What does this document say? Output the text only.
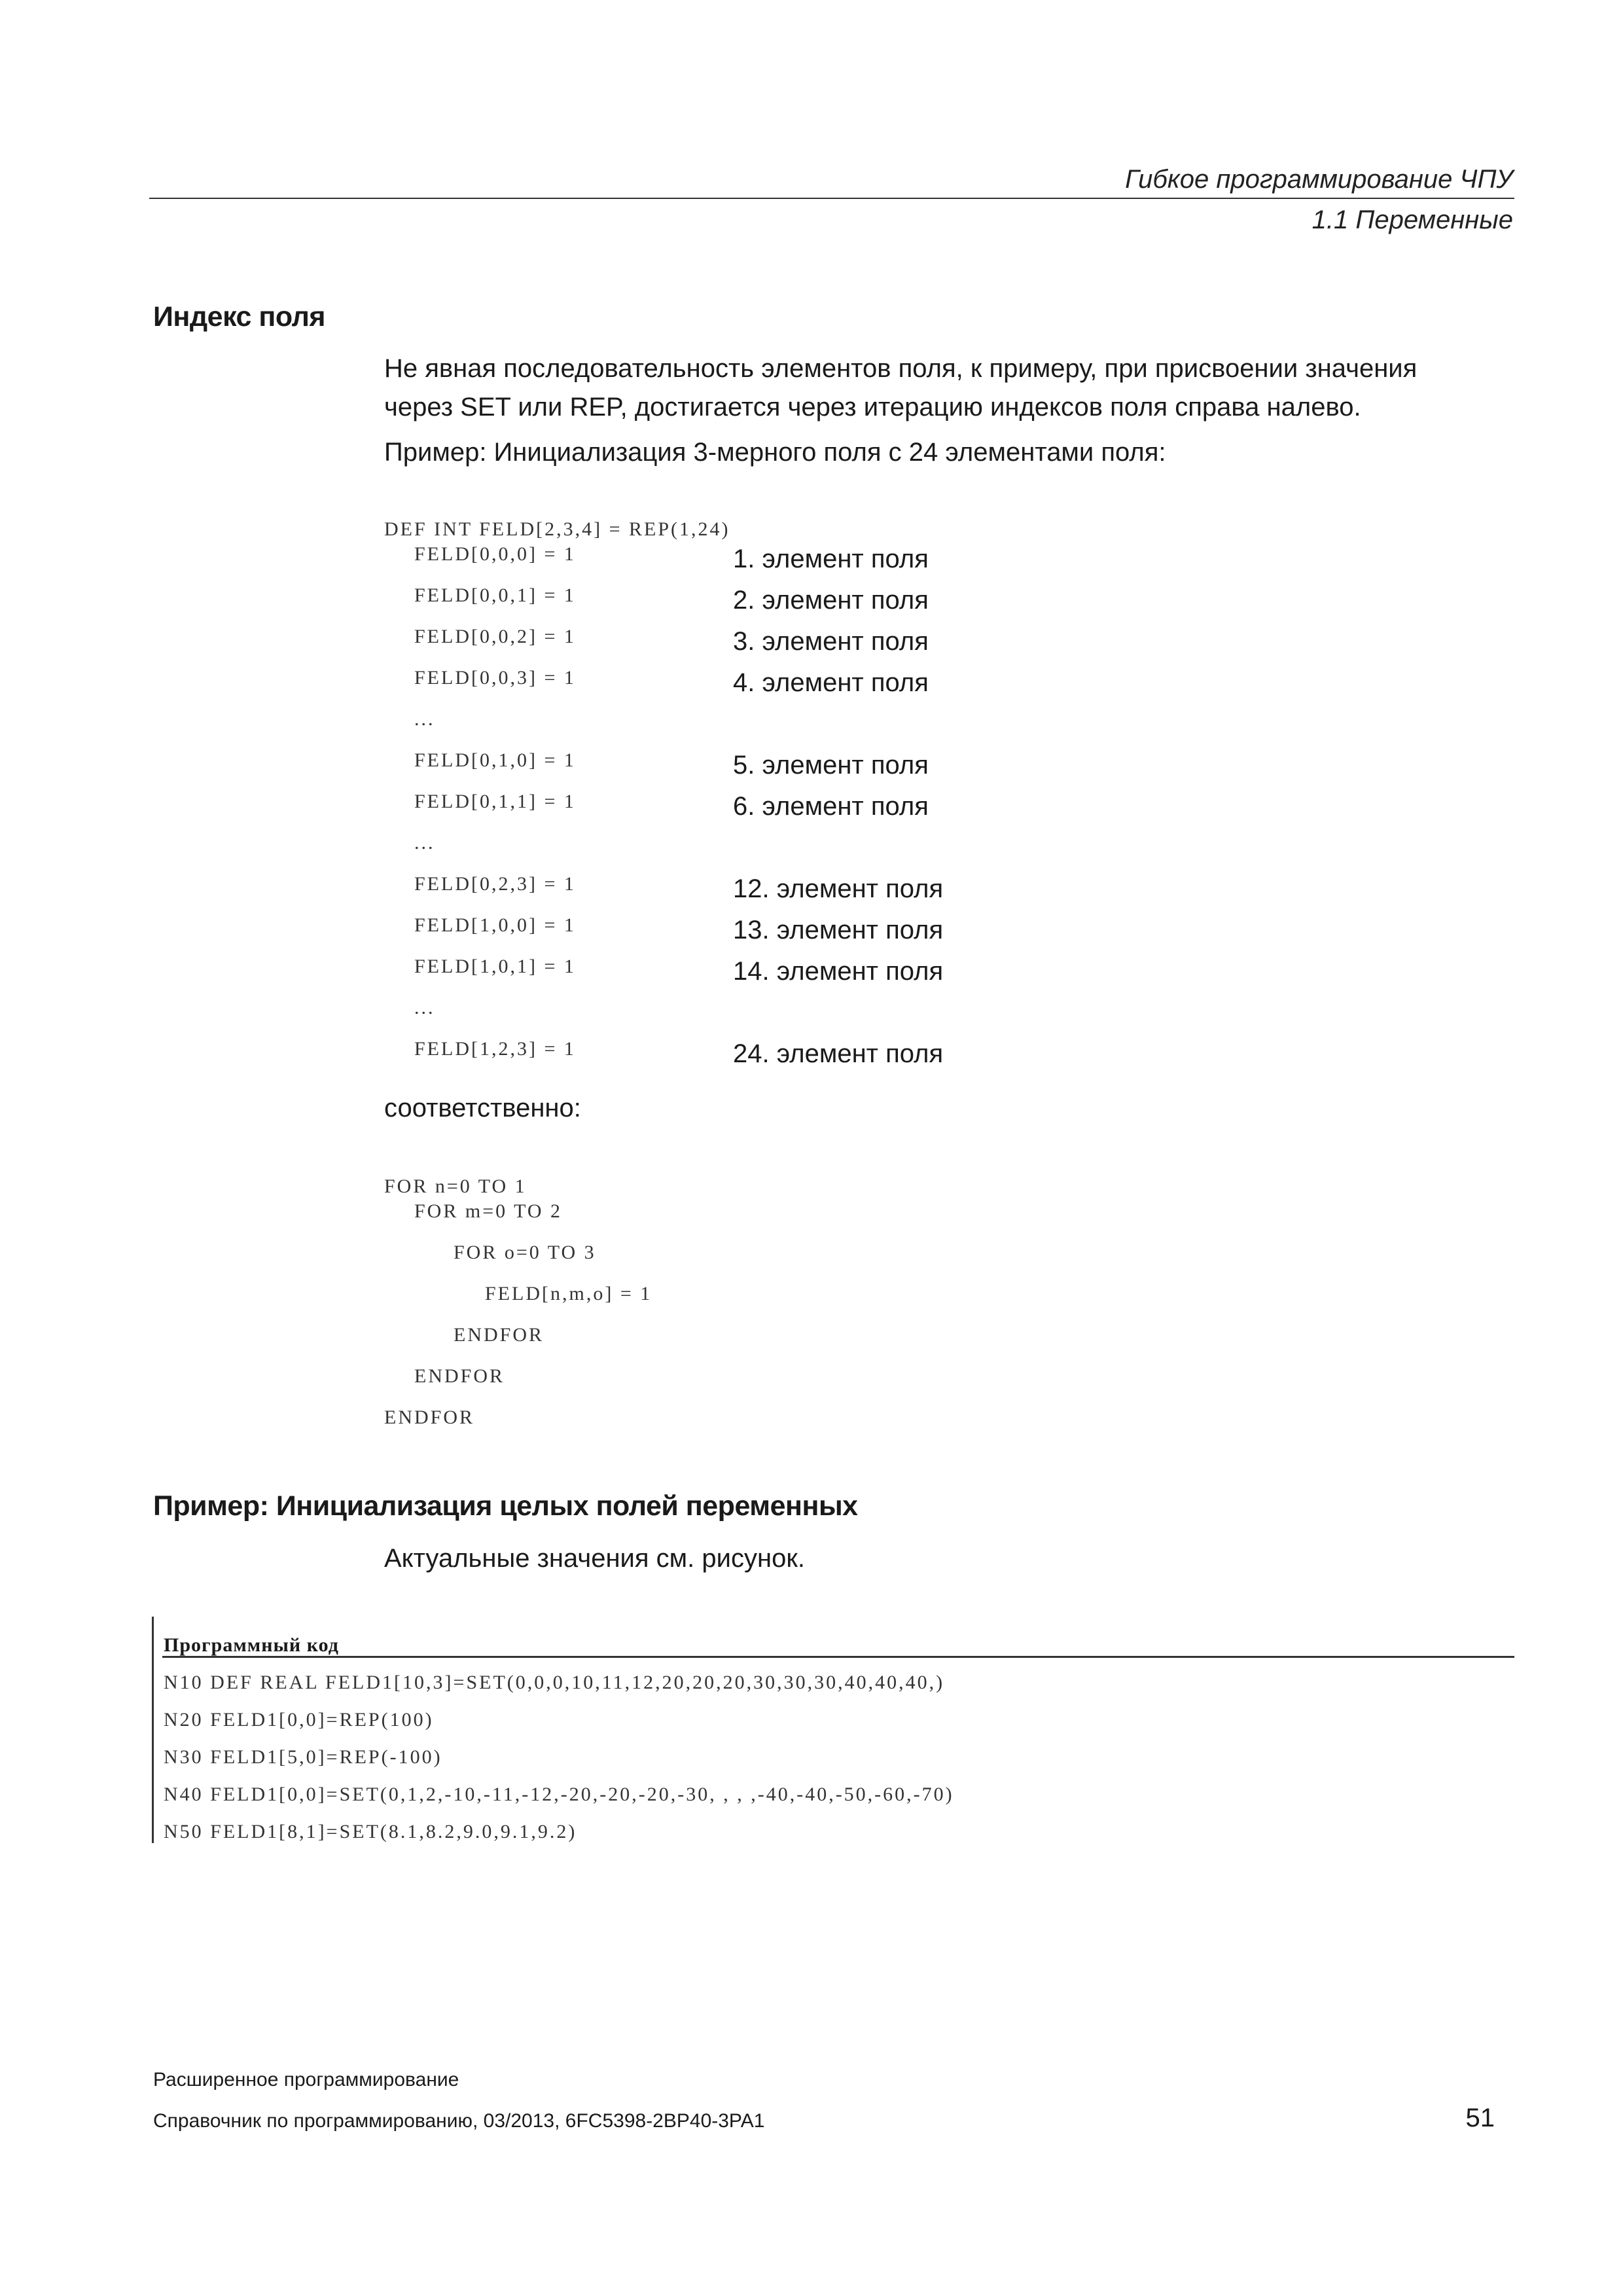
Гибкое программирование ЧПУ
1.1 Переменные
Индекс поля
Не явная последовательность элементов поля, к примеру, при присвоении значения
через SET или REP, достигается через итерацию индексов поля справа налево.
Пример: Инициализация 3-мерного поля с 24 элементами поля:
DEF INT FELD[2,3,4] = REP(1,24)
FELD[0,0,0] = 1	1. элемент поля
FELD[0,0,1] = 1	2. элемент поля
FELD[0,0,2] = 1	3. элемент поля
FELD[0,0,3] = 1	4. элемент поля
...
FELD[0,1,0] = 1	5. элемент поля
FELD[0,1,1] = 1	6. элемент поля
...
FELD[0,2,3] = 1	12. элемент поля
FELD[1,0,0] = 1	13. элемент поля
FELD[1,0,1] = 1	14. элемент поля
...
FELD[1,2,3] = 1	24. элемент поля
соответственно:
FOR n=0 TO 1
FOR m=0 TO 2
FOR o=0 TO 3
FELD[n,m,o] = 1
ENDFOR
ENDFOR
ENDFOR
Пример: Инициализация целых полей переменных
Актуальные значения см. рисунок.
Программный код
N10 DEF REAL FELD1[10,3]=SET(0,0,0,10,11,12,20,20,20,30,30,30,40,40,40,)
N20 FELD1[0,0]=REP(100)
N30 FELD1[5,0]=REP(-100)
N40 FELD1[0,0]=SET(0,1,2,-10,-11,-12,-20,-20,-20,-30, , , ,-40,-40,-50,-60,-70)
N50 FELD1[8,1]=SET(8.1,8.2,9.0,9.1,9.2)
Расширенное программирование
Справочник по программированию, 03/2013, 6FC5398-2BP40-3PA1	51
